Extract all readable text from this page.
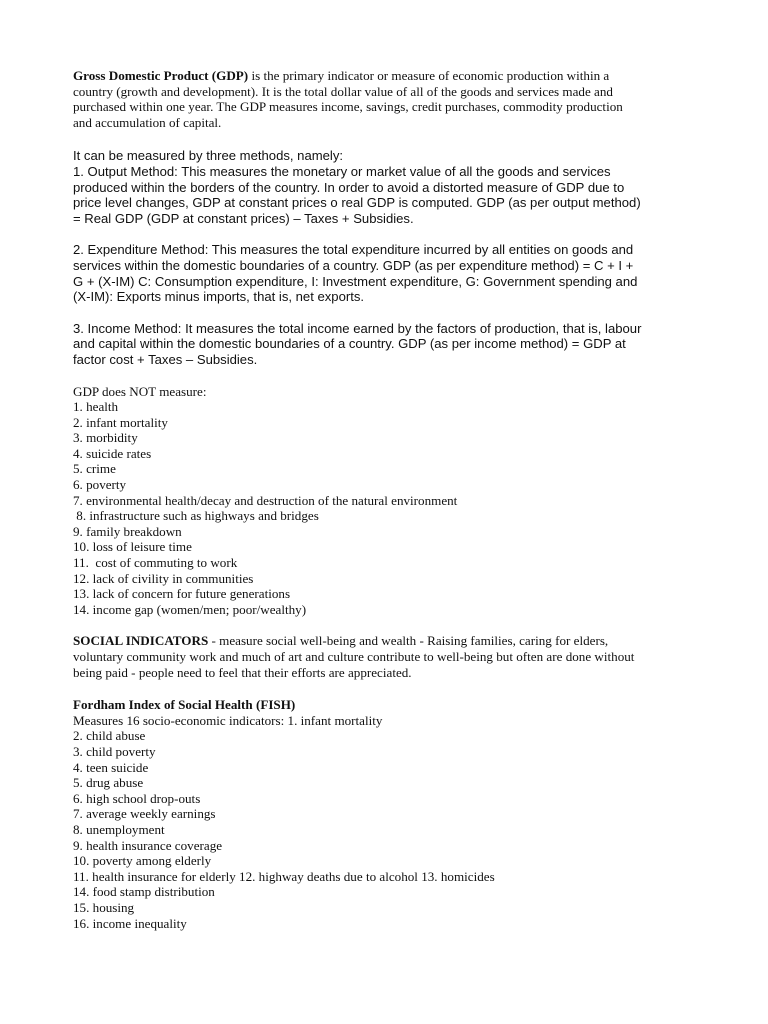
Gross Domestic Product (GDP) is the primary indicator or measure of economic production within a
country (growth and development). It is the total dollar value of all of the goods and services made and
purchased within one year. The GDP measures income, savings, credit purchases, commodity production
and accumulation of capital.
It can be measured by three methods, namely:
1. Output Method: This measures the monetary or market value of all the goods and services
produced within the borders of the country. In order to avoid a distorted measure of GDP due to
price level changes, GDP at constant prices o real GDP is computed. GDP (as per output method)
= Real GDP (GDP at constant prices) – Taxes + Subsidies.
2. Expenditure Method: This measures the total expenditure incurred by all entities on goods and
services within the domestic boundaries of a country. GDP (as per expenditure method) = C + I +
G + (X-IM) C: Consumption expenditure, I: Investment expenditure, G: Government spending and
(X-IM): Exports minus imports, that is, net exports.
3. Income Method: It measures the total income earned by the factors of production, that is, labour
and capital within the domestic boundaries of a country. GDP (as per income method) = GDP at
factor cost + Taxes – Subsidies.
GDP does NOT measure:
1. health
2. infant mortality
3. morbidity
4. suicide rates
5. crime
6. poverty
7. environmental health/decay and destruction of the natural environment
8. infrastructure such as highways and bridges
9. family breakdown
10. loss of leisure time
11.  cost of commuting to work
12. lack of civility in communities
13. lack of concern for future generations
14. income gap (women/men; poor/wealthy)
SOCIAL INDICATORS - measure social well-being and wealth - Raising families, caring for elders,
voluntary community work and much of art and culture contribute to well-being but often are done without
being paid - people need to feel that their efforts are appreciated.
Fordham Index of Social Health (FISH)
Measures 16 socio-economic indicators: 1. infant mortality
2. child abuse
3. child poverty
4. teen suicide
5. drug abuse
6. high school drop-outs
7. average weekly earnings
8. unemployment
9. health insurance coverage
10. poverty among elderly
11. health insurance for elderly 12. highway deaths due to alcohol 13. homicides
14. food stamp distribution
15. housing
16. income inequality
